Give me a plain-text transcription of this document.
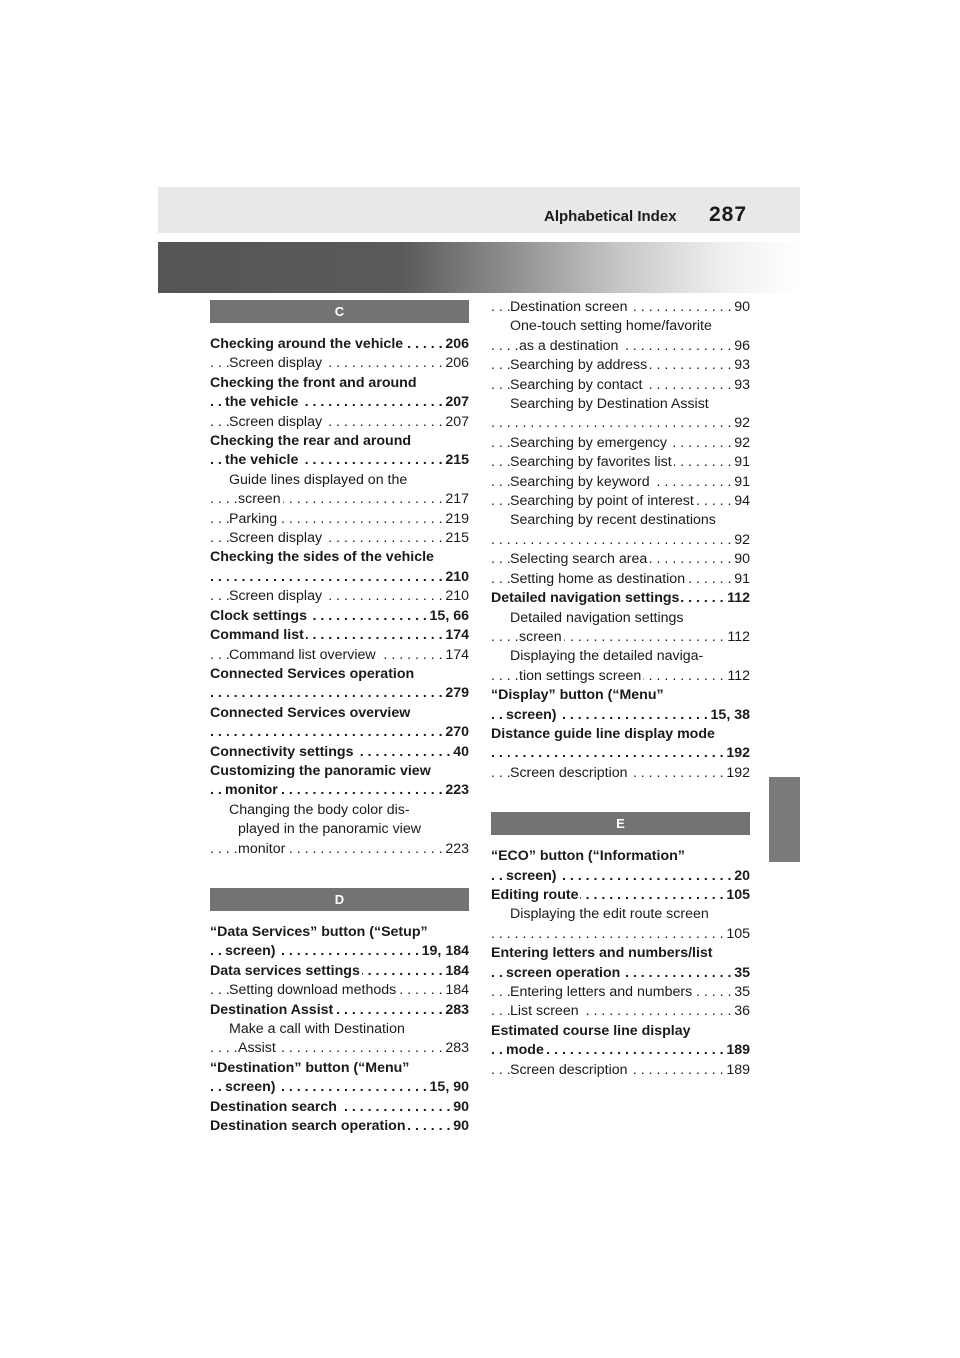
Alphabetical Index 287
C
Checking around the vehicle	206
. . .
Screen display	206
. . .
Checking the front and around
the vehicle	207
. . .
Screen display	207
. . .
Checking the rear and around
the vehicle	215
. . .
Guide lines displayed on the
screen	217
. . .
Parking	219
. . .
Screen display	215
. . .
Checking the sides of the vehicle
210
. . .
Screen display	210
. . .
Clock settings	15, 66
. . .
Command list	174
. . .
Command list overview	174
. . .
Connected Services operation
279
. . .
Connected Services overview
270
. . .
Connectivity settings	40
. . .
Customizing the panoramic view
monitor	223
. . .
Changing the body color dis-
played in the panoramic view
monitor	223
. . .
D
“Data Services” button (“Setup”
screen)	19, 184
. . .
Data services settings	184
. . .
Setting download methods	184
. . .
Destination Assist	283
. . .
Make a call with Destination
Assist	283
. . .
“Destination” button (“Menu”
screen)	15, 90
. . .
Destination search	90
. . .
Destination search operation	90
. . .
Destination screen	90
. . .
One-touch setting home/favorite
as a destination	96
. . .
Searching by address	93
. . .
Searching by contact	93
. . .
Searching by Destination Assist
92
. . .
Searching by emergency	92
. . .
Searching by favorites list	91
. . .
Searching by keyword	91
. . .
Searching by point of interest	94
. . .
Searching by recent destinations
92
. . .
Selecting search area	90
. . .
Setting home as destination	91
. . .
Detailed navigation settings	112
. . .
Detailed navigation settings
screen	112
. . .
Displaying the detailed naviga-
tion settings screen	112
. . .
“Display” button (“Menu”
screen)	15, 38
. . .
Distance guide line display mode
192
. . .
Screen description	192
. . .
E
“ECO” button (“Information”
screen)	20
. . .
Editing route	105
. . .
Displaying the edit route screen
105
. . .
Entering letters and numbers/list
screen operation	35
. . .
Entering letters and numbers	35
. . .
List screen	36
. . .
Estimated course line display
mode	189
. . .
Screen description	189
. . .
